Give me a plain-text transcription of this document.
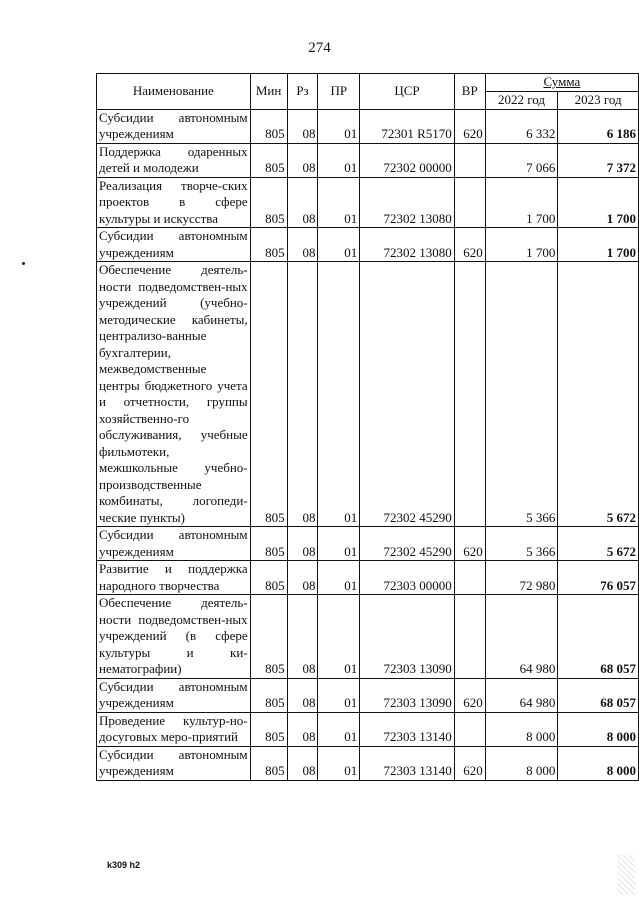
274
Наименование	Мин	Рз	ПР	ЦСР	ВР	Сумма	
						2022 год	2023 год

Субсидии автономным учреждениям	805	08	01	72301 R5170	620	6 332	6 186

Поддержка одаренных детей и молодежи	805	08	01	72302 00000		7 066	7 372

Реализация творче-ских проектов в сфере культуры и искусства	805	08	01	72302 13080		1 700	1 700

Субсидии автономным учреждениям	805	08	01	72302 13080	620	1 700	1 700

Обеспечение деятель-ности подведомствен-ных учреждений (учебно-методические кабинеты, централизо-ванные бухгалтерии, межведомственные центры бюджетного учета и отчетности, группы хозяйственно-го обслуживания, учебные фильмотеки, межшкольные учебно-производственные комбинаты, логопеди-ческие пункты)	805	08	01	72302 45290		5 366	5 672

Субсидии автономным учреждениям	805	08	01	72302 45290	620	5 366	5 672

Развитие и поддержка народного творчества	805	08	01	72303 00000		72 980	76 057

Обеспечение деятель-ности подведомствен-ных учреждений (в сфере культуры и ки-нематографии)	805	08	01	72303 13090		64 980	68 057

Субсидии автономным учреждениям	805	08	01	72303 13090	620	64 980	68 057

Проведение культур-но-досуговых меро-приятий	805	08	01	72303 13140		8 000	8 000

Субсидии автономным учреждениям	805	08	01	72303 13140	620	8 000	8 000
k309 h2
